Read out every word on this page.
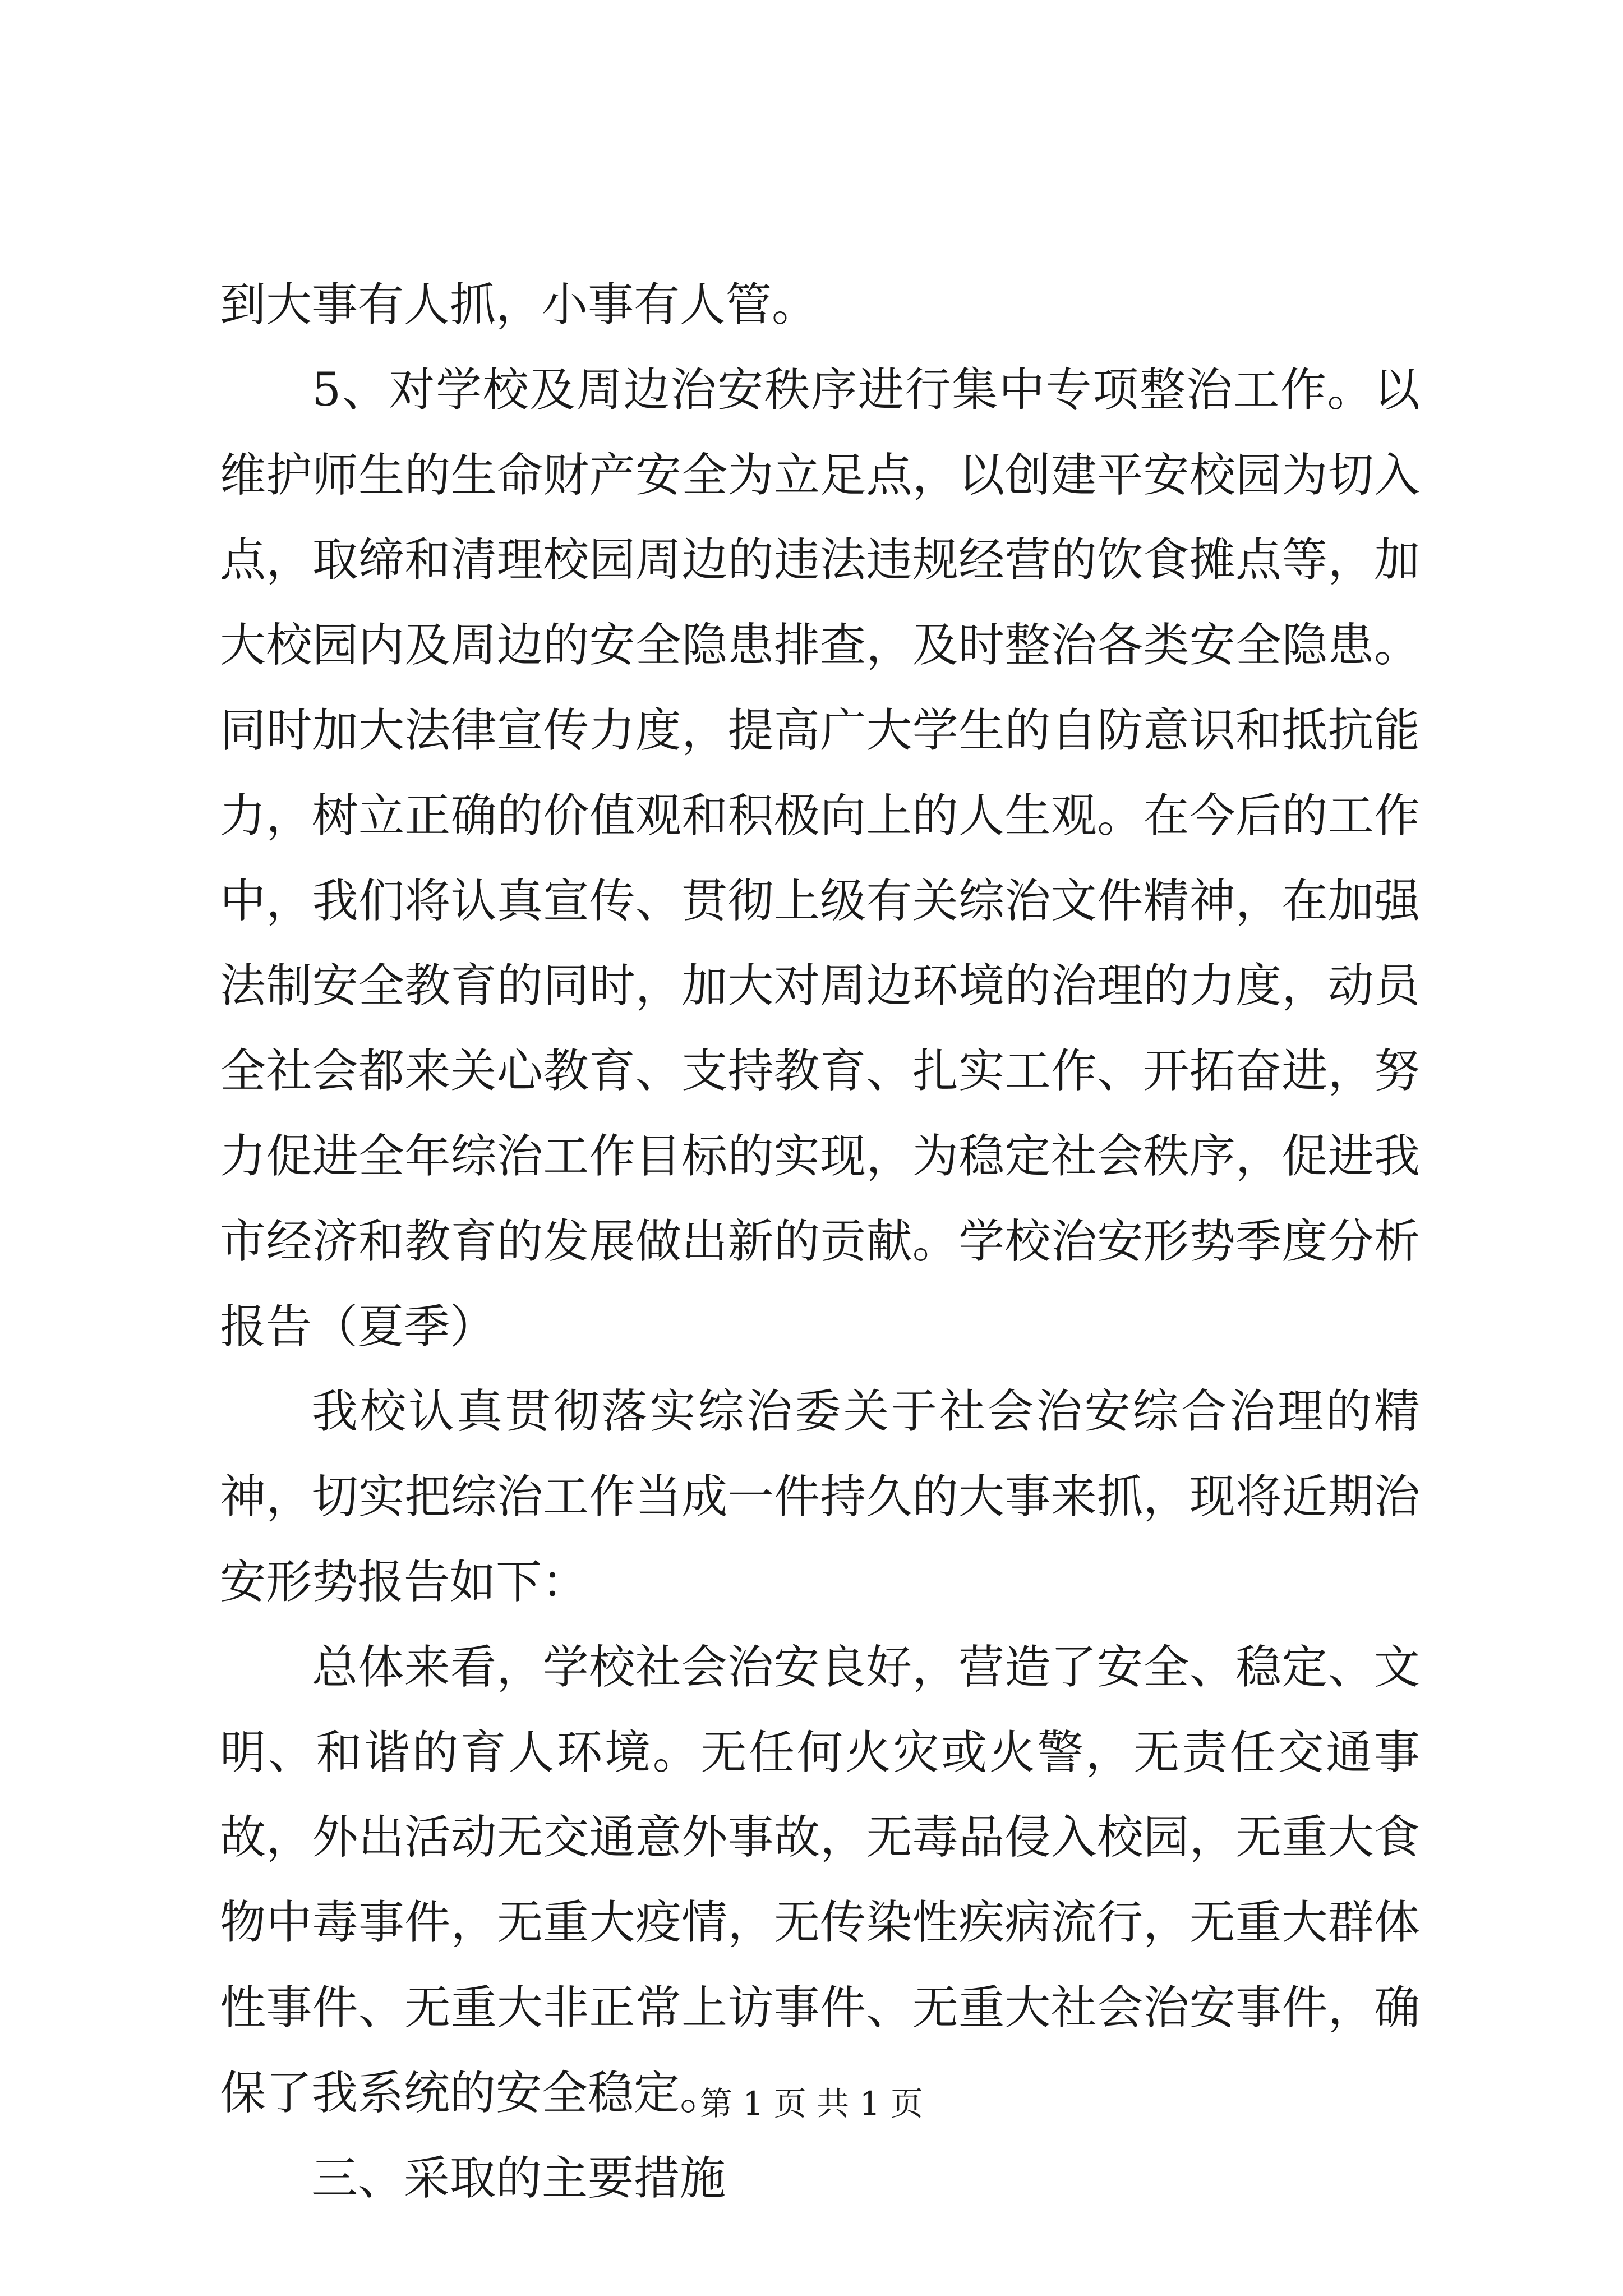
到大事有人抓，小事有人管。

5、对学校及周边治安秩序进行集中专项整治工作。以维护师生的生命财产安全为立足点，以创建平安校园为切入点，取缔和清理校园周边的违法违规经营的饮食摊点等，加大校园内及周边的安全隐患排查，及时整治各类安全隐患。同时加大法律宣传力度，提高广大学生的自防意识和抵抗能力，树立正确的价值观和积极向上的人生观。在今后的工作中，我们将认真宣传、贯彻上级有关综治文件精神，在加强法制安全教育的同时，加大对周边环境的治理的力度，动员全社会都来关心教育、支持教育、扎实工作、开拓奋进，努力促进全年综治工作目标的实现，为稳定社会秩序，促进我市经济和教育的发展做出新的贡献。学校治安形势季度分析报告（夏季）

我校认真贯彻落实综治委关于社会治安综合治理的精神，切实把综治工作当成一件持久的大事来抓，现将近期治安形势报告如下：

总体来看，学校社会治安良好，营造了安全、稳定、文明、和谐的育人环境。无任何火灾或火警，无责任交通事故，外出活动无交通意外事故，无毒品侵入校园，无重大食物中毒事件，无重大疫情，无传染性疾病流行，无重大群体性事件、无重大非正常上访事件、无重大社会治安事件，确保了我系统的安全稳定。

三、采取的主要措施

第 1 页 共 1 页
